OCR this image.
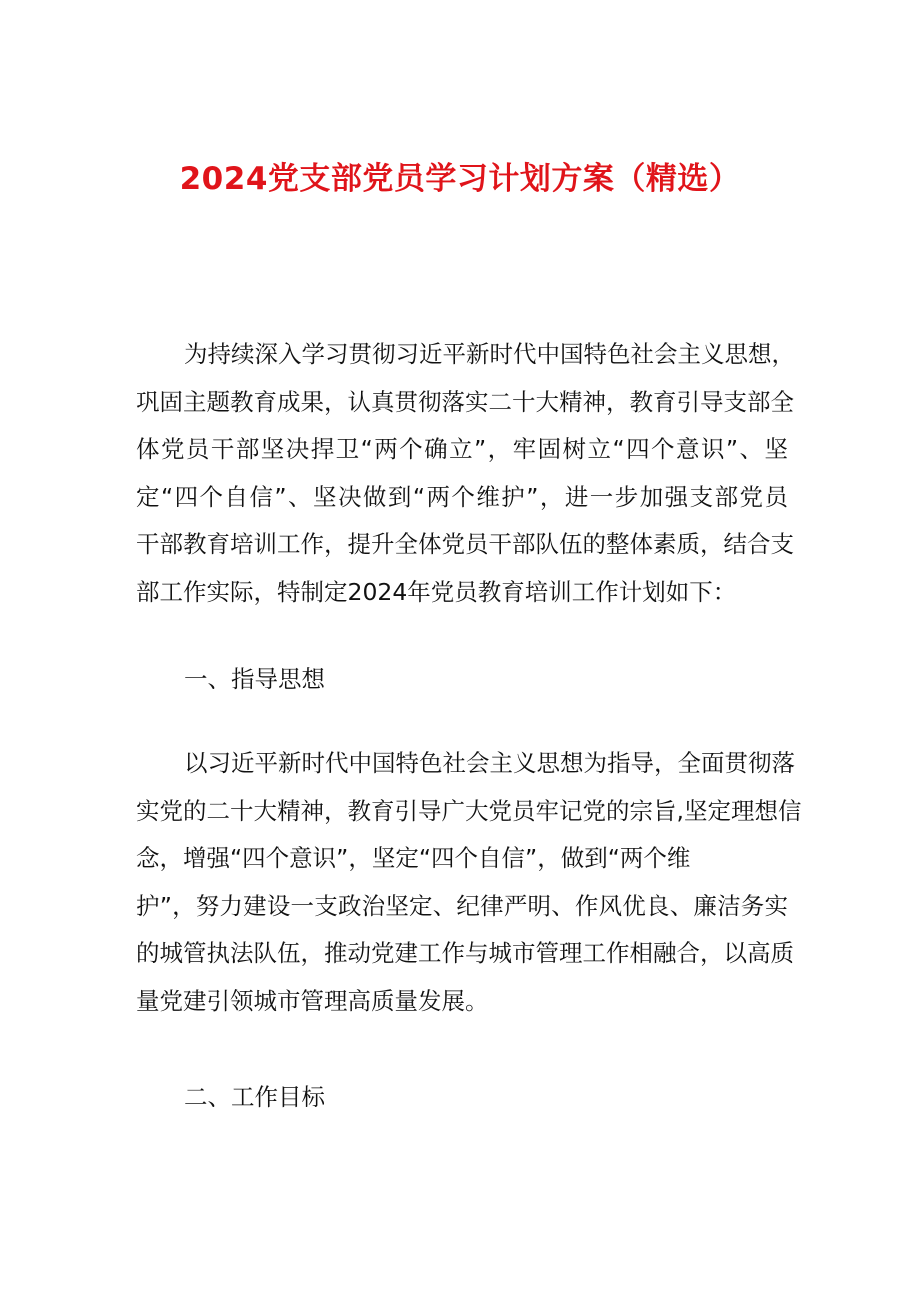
2024党支部党员学习计划方案（精选）
为持续深入学习贯彻习近平新时代中国特色社会主义思想，
巩固主题教育成果，认真贯彻落实二十大精神，教育引导支部全
体党员干部坚决捍卫“两个确立”，牢固树立“四个意识”、坚
定“四个自信”、坚决做到“两个维护”，进一步加强支部党员
干部教育培训工作，提升全体党员干部队伍的整体素质，结合支
部工作实际，特制定2024年党员教育培训工作计划如下：
一、指导思想
以习近平新时代中国特色社会主义思想为指导，全面贯彻落
实党的二十大精神，教育引导广大党员牢记党的宗旨,坚定理想信
念，增强“四个意识”，坚定“四个自信”，做到“两个维
护”，努力建设一支政治坚定、纪律严明、作风优良、廉洁务实
的城管执法队伍，推动党建工作与城市管理工作相融合，以高质
量党建引领城市管理高质量发展。
二、工作目标
